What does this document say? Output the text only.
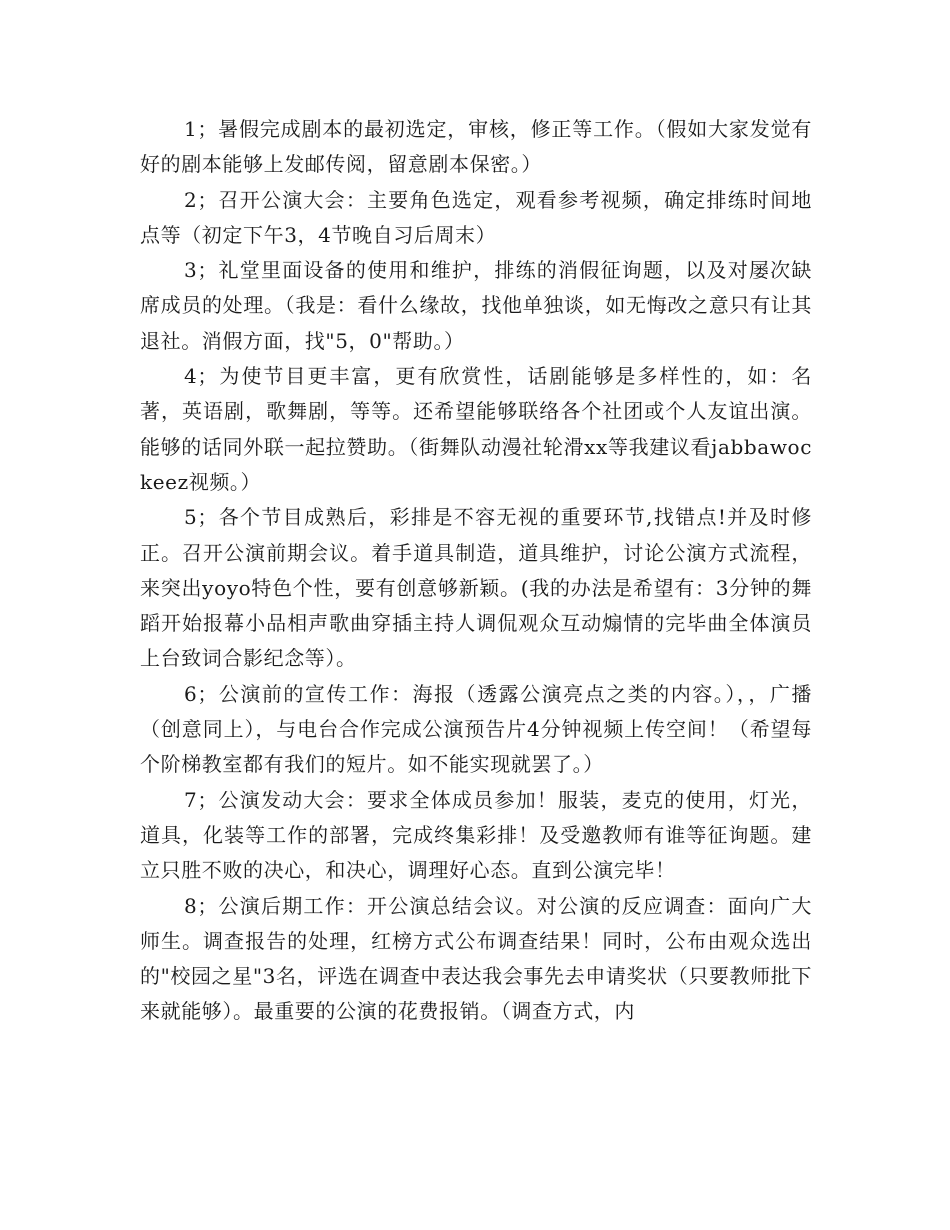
1；暑假完成剧本的最初选定，审核，修正等工作。（假如大家发觉有好的剧本能够上发邮传阅，留意剧本保密。）

2；召开公演大会：主要角色选定，观看参考视频，确定排练时间地点等（初定下午3，4节晚自习后周末）

3；礼堂里面设备的使用和维护，排练的消假征询题，以及对屡次缺席成员的处理。（我是：看什么缘故，找他单独谈，如无悔改之意只有让其退社。消假方面，找"5，0"帮助。）

4；为使节目更丰富，更有欣赏性，话剧能够是多样性的，如：名著，英语剧，歌舞剧，等等。还希望能够联络各个社团或个人友谊出演。能够的话同外联一起拉赞助。（街舞队动漫社轮滑xx等我建议看jabbawockeez视频。）

5；各个节目成熟后，彩排是不容无视的重要环节,找错点!并及时修正。召开公演前期会议。着手道具制造，道具维护，讨论公演方式流程，来突出yoyo特色个性，要有创意够新颖。(我的办法是希望有：3分钟的舞蹈开始报幕小品相声歌曲穿插主持人调侃观众互动煽情的完毕曲全体演员上台致词合影纪念等）。

6；公演前的宣传工作：海报（透露公演亮点之类的内容。），，广播（创意同上），与电台合作完成公演预告片4分钟视频上传空间！（希望每个阶梯教室都有我们的短片。如不能实现就罢了。）

7；公演发动大会：要求全体成员参加！服装，麦克的使用，灯光，道具，化装等工作的部署，完成终集彩排！及受邀教师有谁等征询题。建立只胜不败的决心，和决心，调理好心态。直到公演完毕！

8；公演后期工作：开公演总结会议。对公演的反应调查：面向广大师生。调查报告的处理，红榜方式公布调查结果！同时，公布由观众选出的"校园之星"3名，评选在调查中表达我会事先去申请奖状（只要教师批下来就能够）。最重要的公演的花费报销。（调查方式，内
